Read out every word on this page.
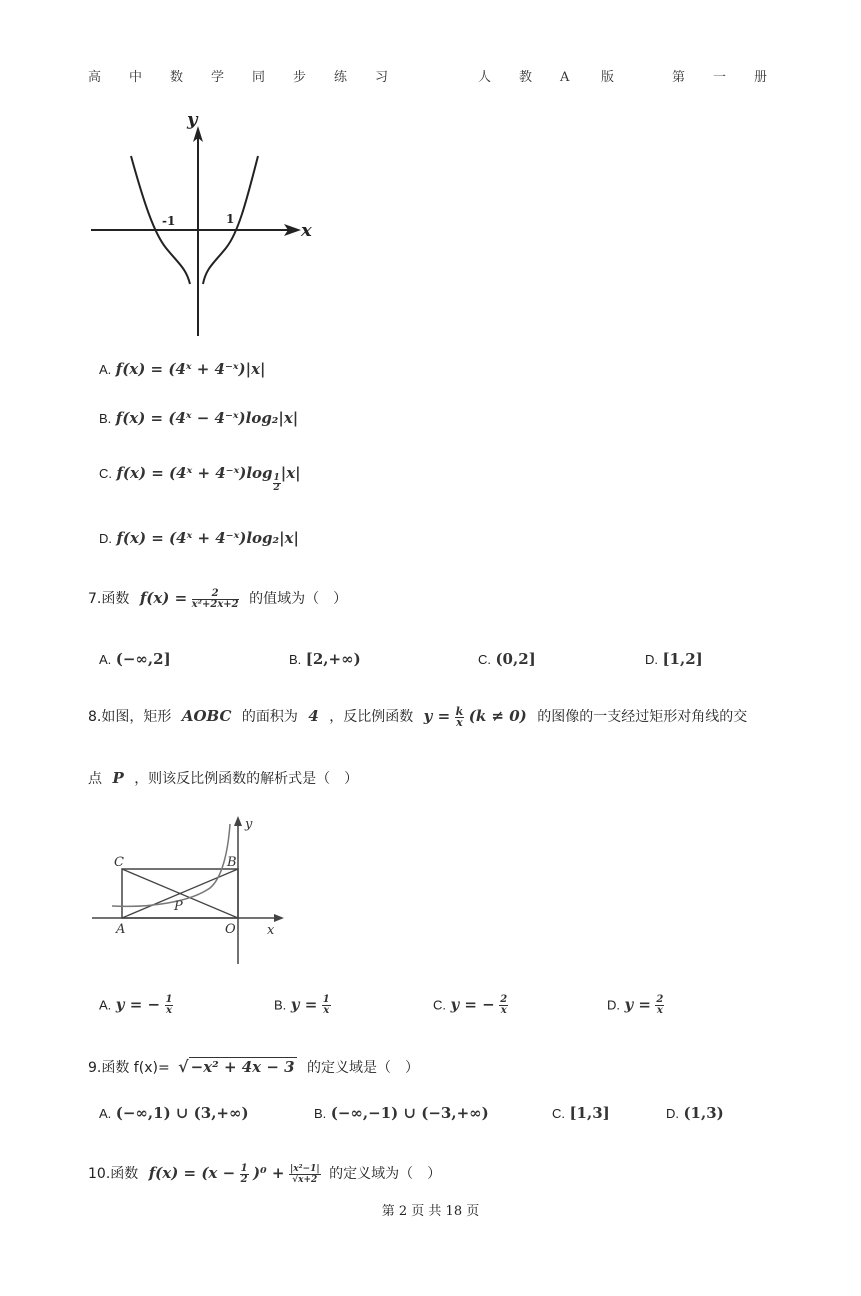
高 中 数 学 同 步 练 习	人 教 A 版	第 一 册
y
x
-1	1
A. f(x) = (4ˣ + 4⁻ˣ)|x|
B. f(x) = (4ˣ − 4⁻ˣ)log₂|x|
C. f(x) = (4ˣ + 4⁻ˣ)log
$\frac{1}{2}$
|x|
D. f(x) = (4ˣ + 4⁻ˣ)log₂|x|
7.函数 $f(x) = \frac{2}{\text{x²+2x+2}}$ 的值域为（　）
A. (−∞,2]	B. [2,+∞)	C. (0,2]	D. [1,2]
8.如图，矩形 AOBC 的面积为 4 ，反比例函数 $y = \frac{k}{x} (k \ne 0)$ 的图像的一支经过矩形对角线的交
点 P ，则该反比例函数的解析式是（　）
y
C	B
P
A	O x
A. y = − $\frac{1}{x}$	B. $y = \frac{1}{x}$	C. y = − $\frac{2}{x}$	D. $y = \frac{2}{x}$
9.函数 f(x)= √ −x² + 4x − 3 的定义域是（　）
A. (−∞,1) ∪ (3,+∞)	B. (−∞,−1) ∪ (−3,+∞)	C. [1,3]	D. (1,3)
10.函数 $f(x) = (x - \frac{1}{2} )^0 + \frac{\text{|x²−1|}}{√x+2}$ 的定义域为（　）
第 2 页 共 18 页
